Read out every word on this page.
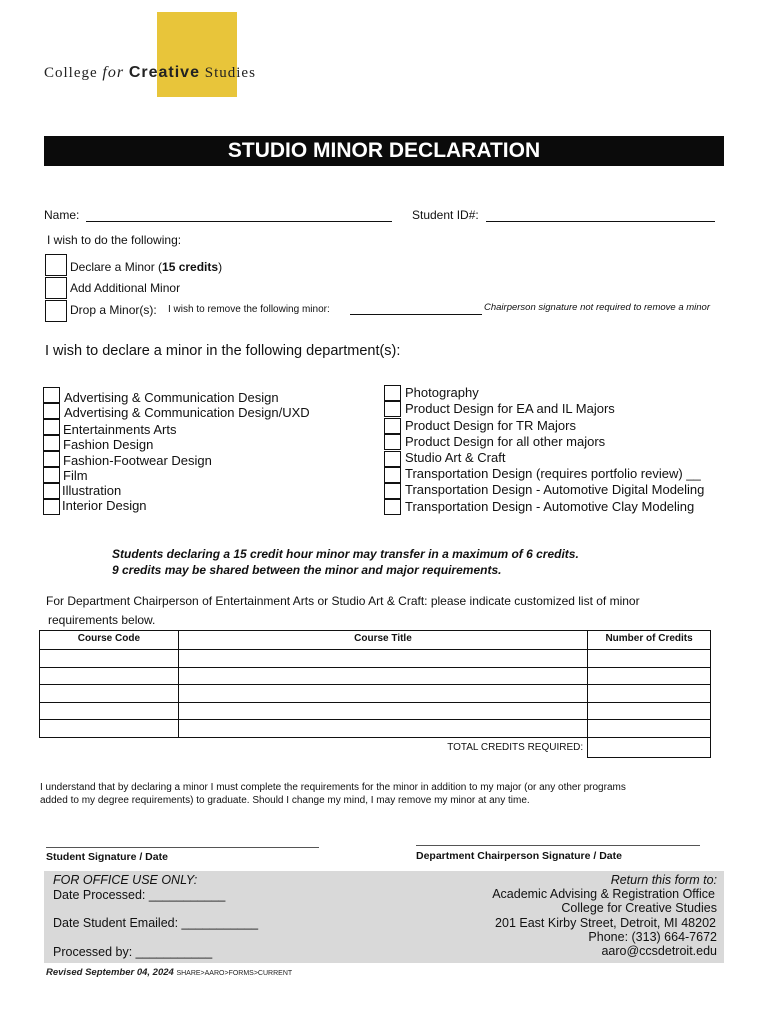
College for Creative Studies
STUDIO MINOR DECLARATION
Name:	Student ID#:
I wish to do the following:
Declare a Minor (15 credits)
Add Additional Minor
Drop a Minor(s): I wish to remove the following minor:	Chairperson signature not required to remove a minor
I wish to declare a minor in the following department(s):
Advertising & Communication Design
Advertising & Communication Design/UXD
Entertainments Arts
Fashion Design
Fashion-Footwear Design
Film
Illustration
Interior Design
Photography
Product Design for EA and IL Majors
Product Design for TR Majors
Product Design for all other majors
Studio Art & Craft
Transportation Design (requires portfolio review) __
Transportation Design - Automotive Digital Modeling
Transportation Design - Automotive Clay Modeling
Students declaring a 15 credit hour minor may transfer in a maximum of 6 credits.
9 credits may be shared between the minor and major requirements.
For Department Chairperson of Entertainment Arts or Studio Art & Craft: please indicate customized list of minor
requirements below.
Course Code	Course Title	Number of Credits

	TOTAL CREDITS REQUIRED:	
I understand that by declaring a minor I must complete the requirements for the minor in addition to my major (or any other programs
added to my degree requirements) to graduate. Should I change my mind, I may remove my minor at any time.
Student Signature / Date	Department Chairperson Signature / Date
FOR OFFICE USE ONLY:
Date Processed: ___________
Date Student Emailed: ___________
Processed by: ___________
Return this form to:
Academic Advising & Registration Office
College for Creative Studies
201 East Kirby Street, Detroit, MI 48202
Phone: (313) 664-7672
aaro@ccsdetroit.edu
Revised September 04, 2024 SHARE>AARO>FORMS>CURRENT
